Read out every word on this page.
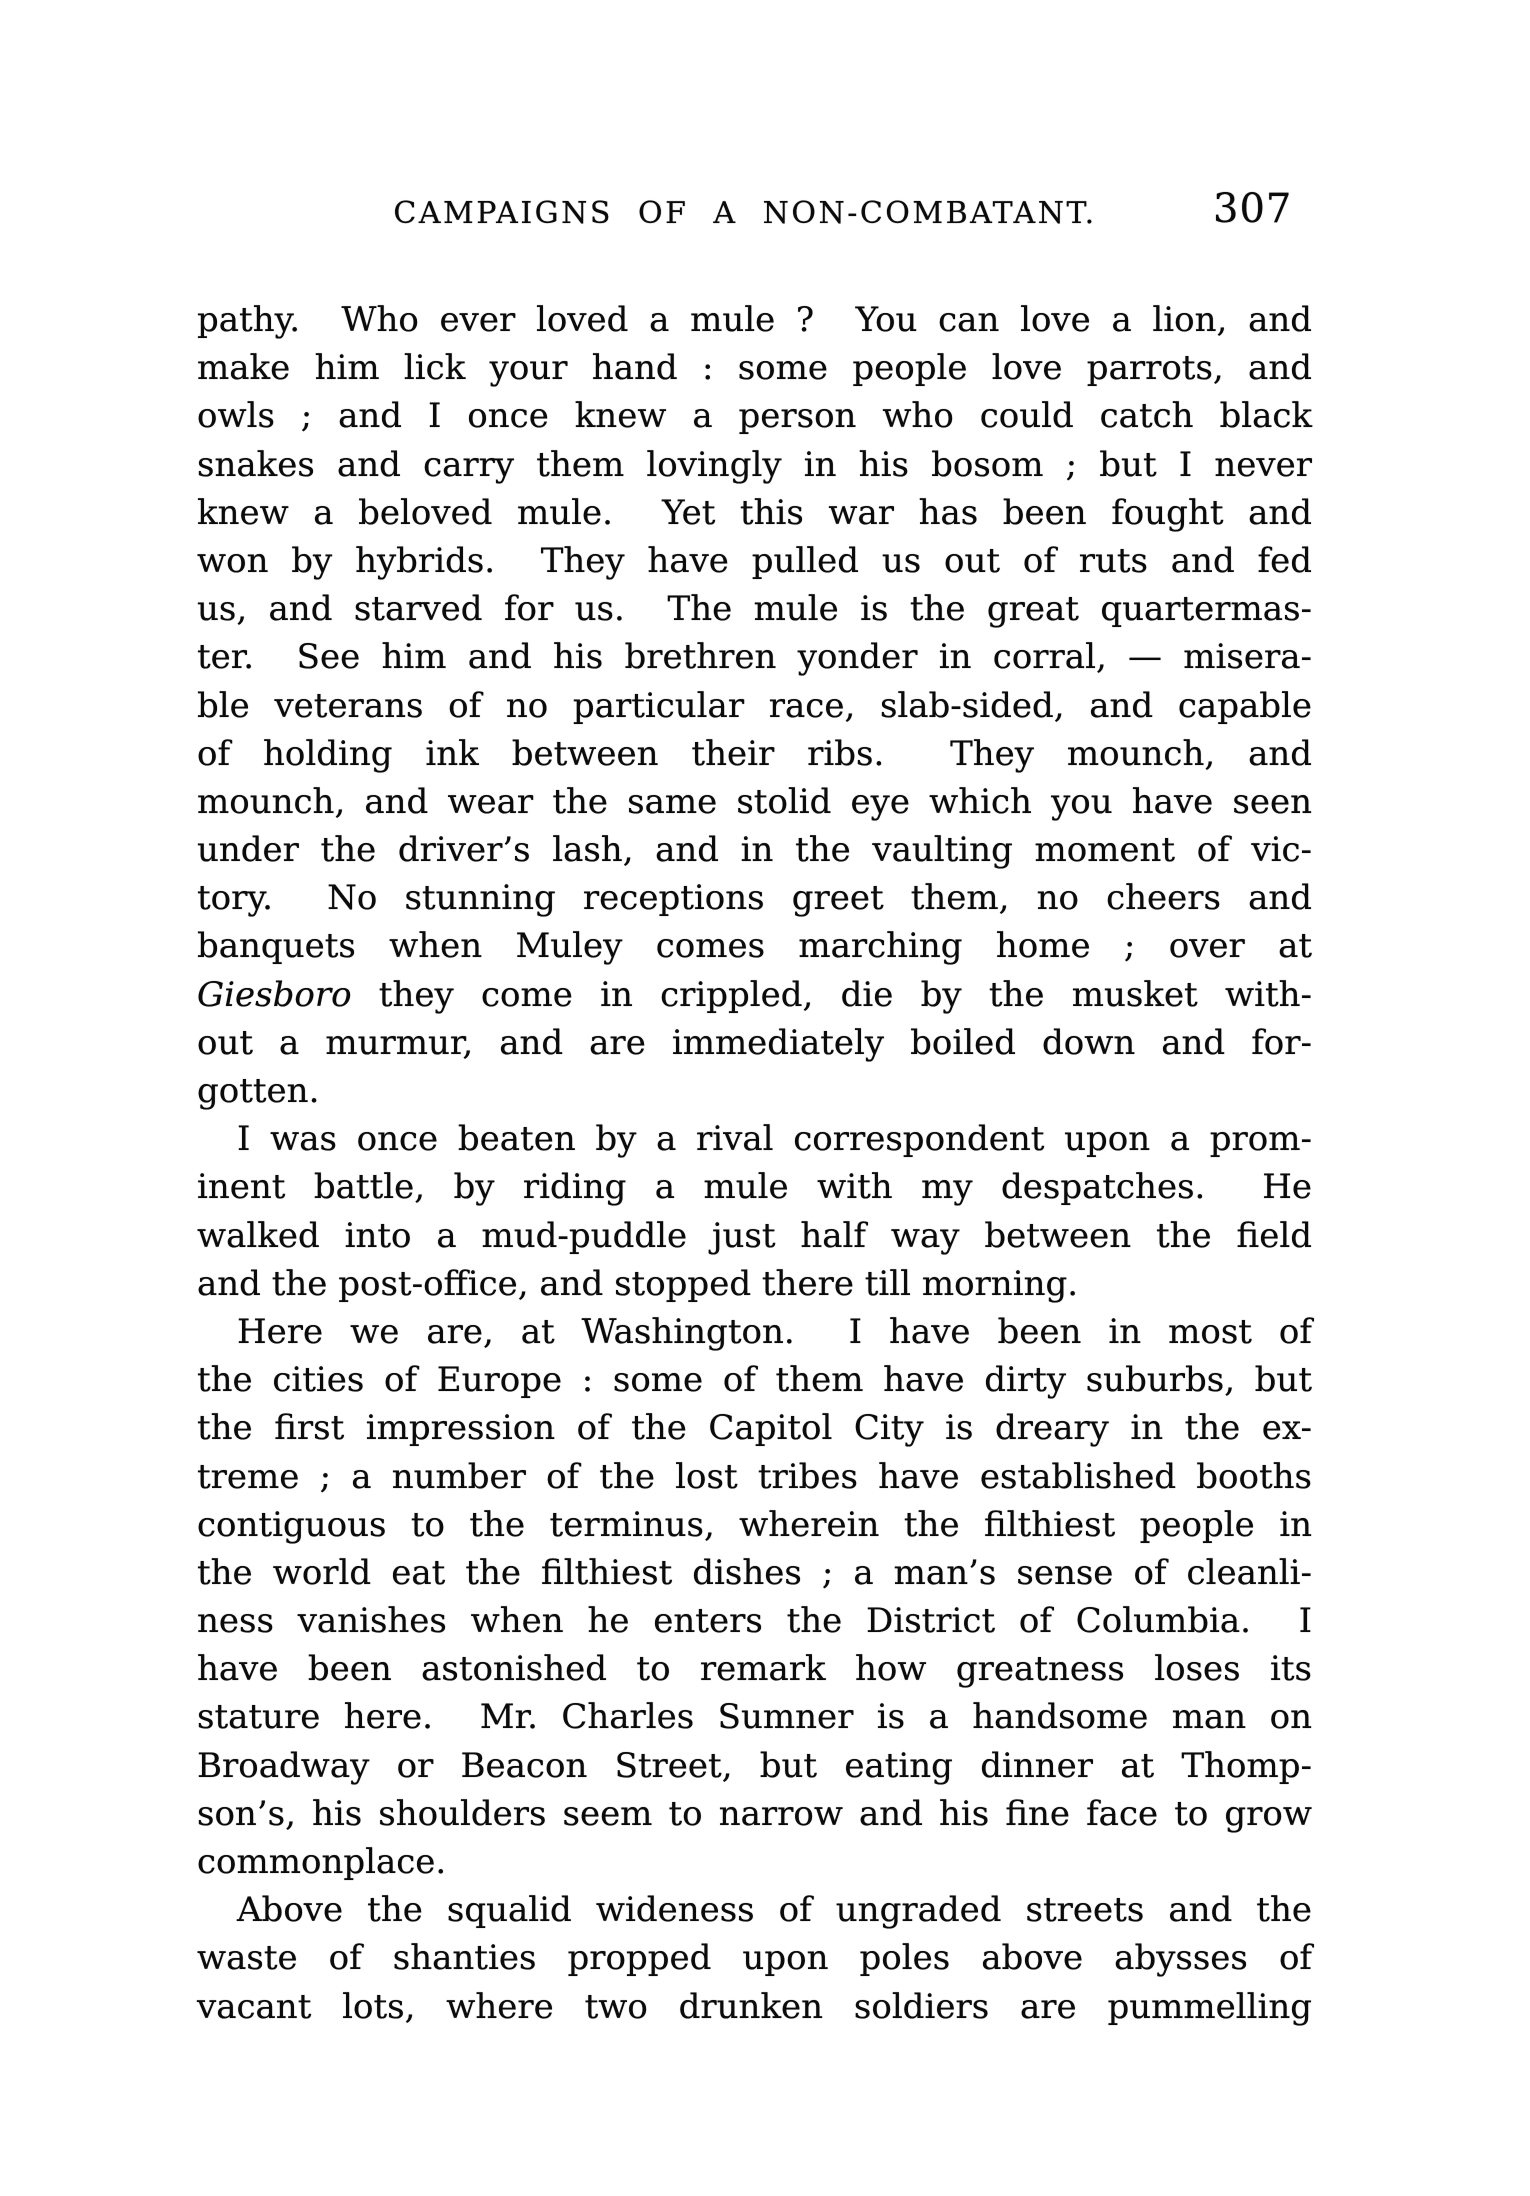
CAMPAIGNS OF A NON-COMBATANT.	307
pathy.  Who ever loved a mule ?  You can love a lion, and
make him lick your hand : some people love parrots, and
owls ; and I once knew a person who could catch black
snakes and carry them lovingly in his bosom ; but I never
knew a beloved mule.  Yet this war has been fought and
won by hybrids.  They have pulled us out of ruts and fed
us, and starved for us.  The mule is the great quartermas-
ter.  See him and his brethren yonder in corral, — misera-
ble veterans of no particular race, slab-sided, and capable
of holding ink between their ribs.  They mounch, and
mounch, and wear the same stolid eye which you have seen
under the driver’s lash, and in the vaulting moment of vic-
tory.  No stunning receptions greet them, no cheers and
banquets when Muley comes marching home ; over at
Giesboro they come in crippled, die by the musket with-
out a murmur, and are immediately boiled down and for-
gotten.
I was once beaten by a rival correspondent upon a prom-
inent battle, by riding a mule with my despatches.  He
walked into a mud-puddle just half way between the field
and the post-office, and stopped there till morning.
Here we are, at Washington.  I have been in most of
the cities of Europe : some of them have dirty suburbs, but
the first impression of the Capitol City is dreary in the ex-
treme ; a number of the lost tribes have established booths
contiguous to the terminus, wherein the filthiest people in
the world eat the filthiest dishes ; a man’s sense of cleanli-
ness vanishes when he enters the District of Columbia.  I
have been astonished to remark how greatness loses its
stature here.  Mr. Charles Sumner is a handsome man on
Broadway or Beacon Street, but eating dinner at Thomp-
son’s, his shoulders seem to narrow and his fine face to grow
commonplace.
Above the squalid wideness of ungraded streets and the
waste of shanties propped upon poles above abysses of
vacant lots, where two drunken soldiers are pummelling
